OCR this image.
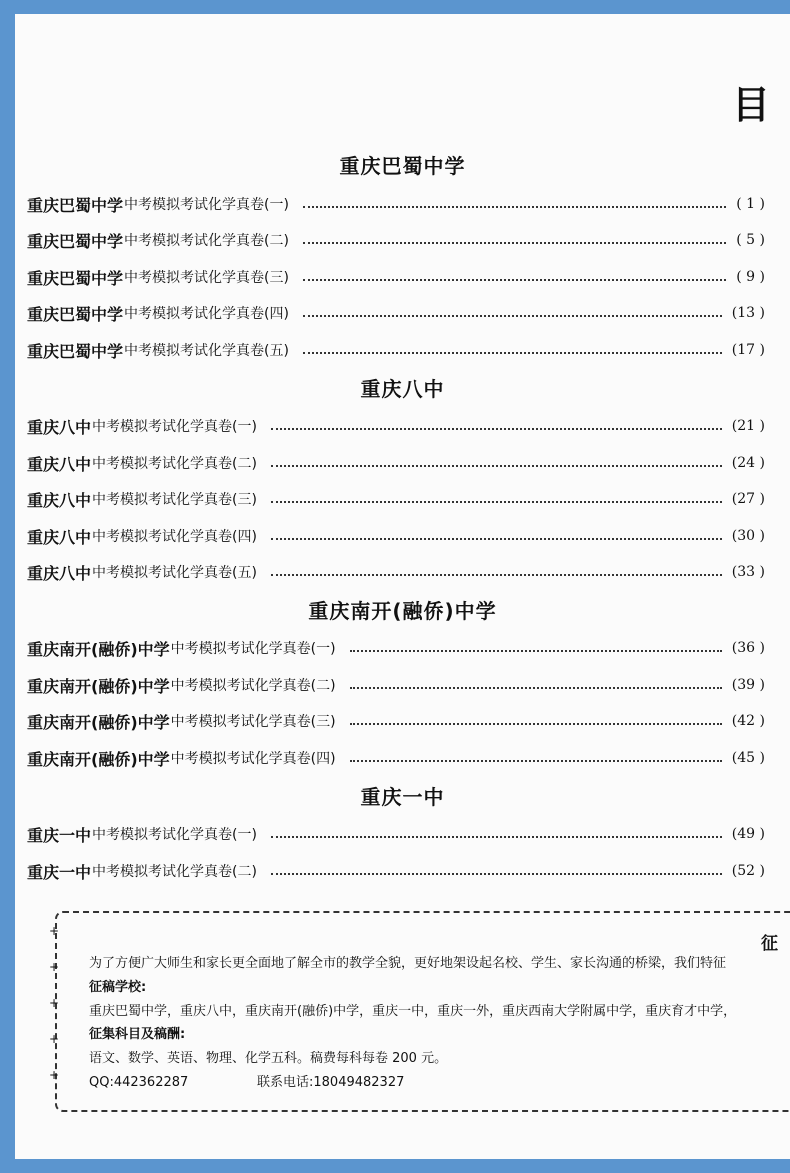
目
重庆巴蜀中学
重庆巴蜀中学 中考模拟考试化学真卷(一)	( 1 )
重庆巴蜀中学 中考模拟考试化学真卷(二)	( 5 )
重庆巴蜀中学 中考模拟考试化学真卷(三)	( 9 )
重庆巴蜀中学 中考模拟考试化学真卷(四)	(13 )
重庆巴蜀中学 中考模拟考试化学真卷(五)	(17 )
重庆八中
重庆八中 中考模拟考试化学真卷(一)	(21 )
重庆八中 中考模拟考试化学真卷(二)	(24 )
重庆八中 中考模拟考试化学真卷(三)	(27 )
重庆八中 中考模拟考试化学真卷(四)	(30 )
重庆八中 中考模拟考试化学真卷(五)	(33 )
重庆南开(融侨)中学
重庆南开(融侨)中学 中考模拟考试化学真卷(一)	(36 )
重庆南开(融侨)中学 中考模拟考试化学真卷(二)	(39 )
重庆南开(融侨)中学 中考模拟考试化学真卷(三)	(42 )
重庆南开(融侨)中学 中考模拟考试化学真卷(四)	(45 )
重庆一中
重庆一中 中考模拟考试化学真卷(一)	(49 )
重庆一中 中考模拟考试化学真卷(二)	(52 )
+
+
+
+
+
征
为了方便广大师生和家长更全面地了解全市的教学全貌，更好地架设起名校、学生、家长沟通的桥梁，我们特征
征稿学校:
重庆巴蜀中学，重庆八中，重庆南开(融侨)中学，重庆一中，重庆一外，重庆西南大学附属中学，重庆育才中学，
征集科目及稿酬:
语文、数学、英语、物理、化学五科。稿费每科每卷 200 元。
QQ:442362287	联系电话:18049482327
